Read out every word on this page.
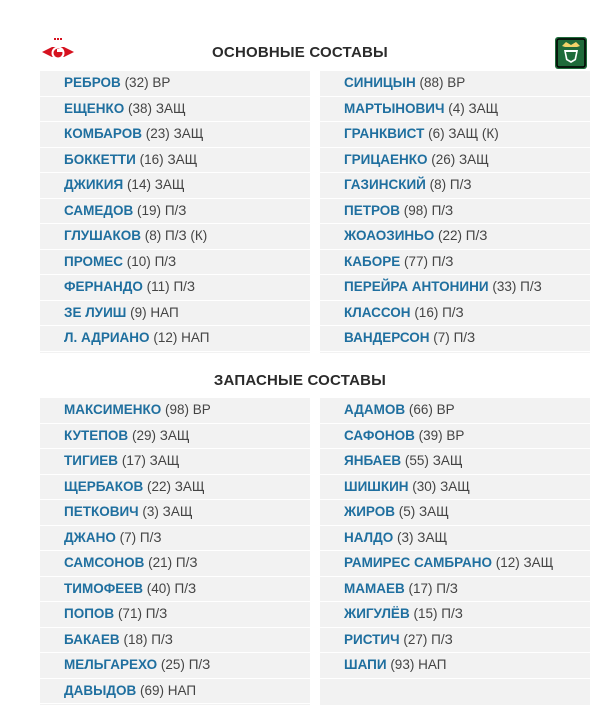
ОСНОВНЫЕ СОСТАВЫ
РЕБРОВ (32) ВР
ЕЩЕНКО (38) ЗАЩ
КОМБАРОВ (23) ЗАЩ
БОККЕТТИ (16) ЗАЩ
ДЖИКИЯ (14) ЗАЩ
САМЕДОВ (19) П/З
ГЛУШАКОВ (8) П/З (К)
ПРОМЕС (10) П/З
ФЕРНАНДО (11) П/З
ЗЕ ЛУИШ (9) НАП
Л. АДРИАНО (12) НАП
СИНИЦЫН (88) ВР
МАРТЫНОВИЧ (4) ЗАЩ
ГРАНКВИСТ (6) ЗАЩ (К)
ГРИЦАЕНКО (26) ЗАЩ
ГАЗИНСКИЙ (8) П/З
ПЕТРОВ (98) П/З
ЖОАОЗИНЬО (22) П/З
КАБОРЕ (77) П/З
ПЕРЕЙРА АНТОНИНИ (33) П/З
КЛАССОН (16) П/З
ВАНДЕРСОН (7) П/З
ЗАПАСНЫЕ СОСТАВЫ
МАКСИМЕНКО (98) ВР
КУТЕПОВ (29) ЗАЩ
ТИГИЕВ (17) ЗАЩ
ЩЕРБАКОВ (22) ЗАЩ
ПЕТКОВИЧ (3) ЗАЩ
ДЖАНО (7) П/З
САМСОНОВ (21) П/З
ТИМОФЕЕВ (40) П/З
ПОПОВ (71) П/З
БАКАЕВ (18) П/З
МЕЛЬГАРЕХО (25) П/З
ДАВЫДОВ (69) НАП
АДАМОВ (66) ВР
САФОНОВ (39) ВР
ЯНБАЕВ (55) ЗАЩ
ШИШКИН (30) ЗАЩ
ЖИРОВ (5) ЗАЩ
НАЛДО (3) ЗАЩ
РАМИРЕС САМБРАНО (12) ЗАЩ
МАМАЕВ (17) П/З
ЖИГУЛЁВ (15) П/З
РИСТИЧ (27) П/З
ШАПИ (93) НАП
